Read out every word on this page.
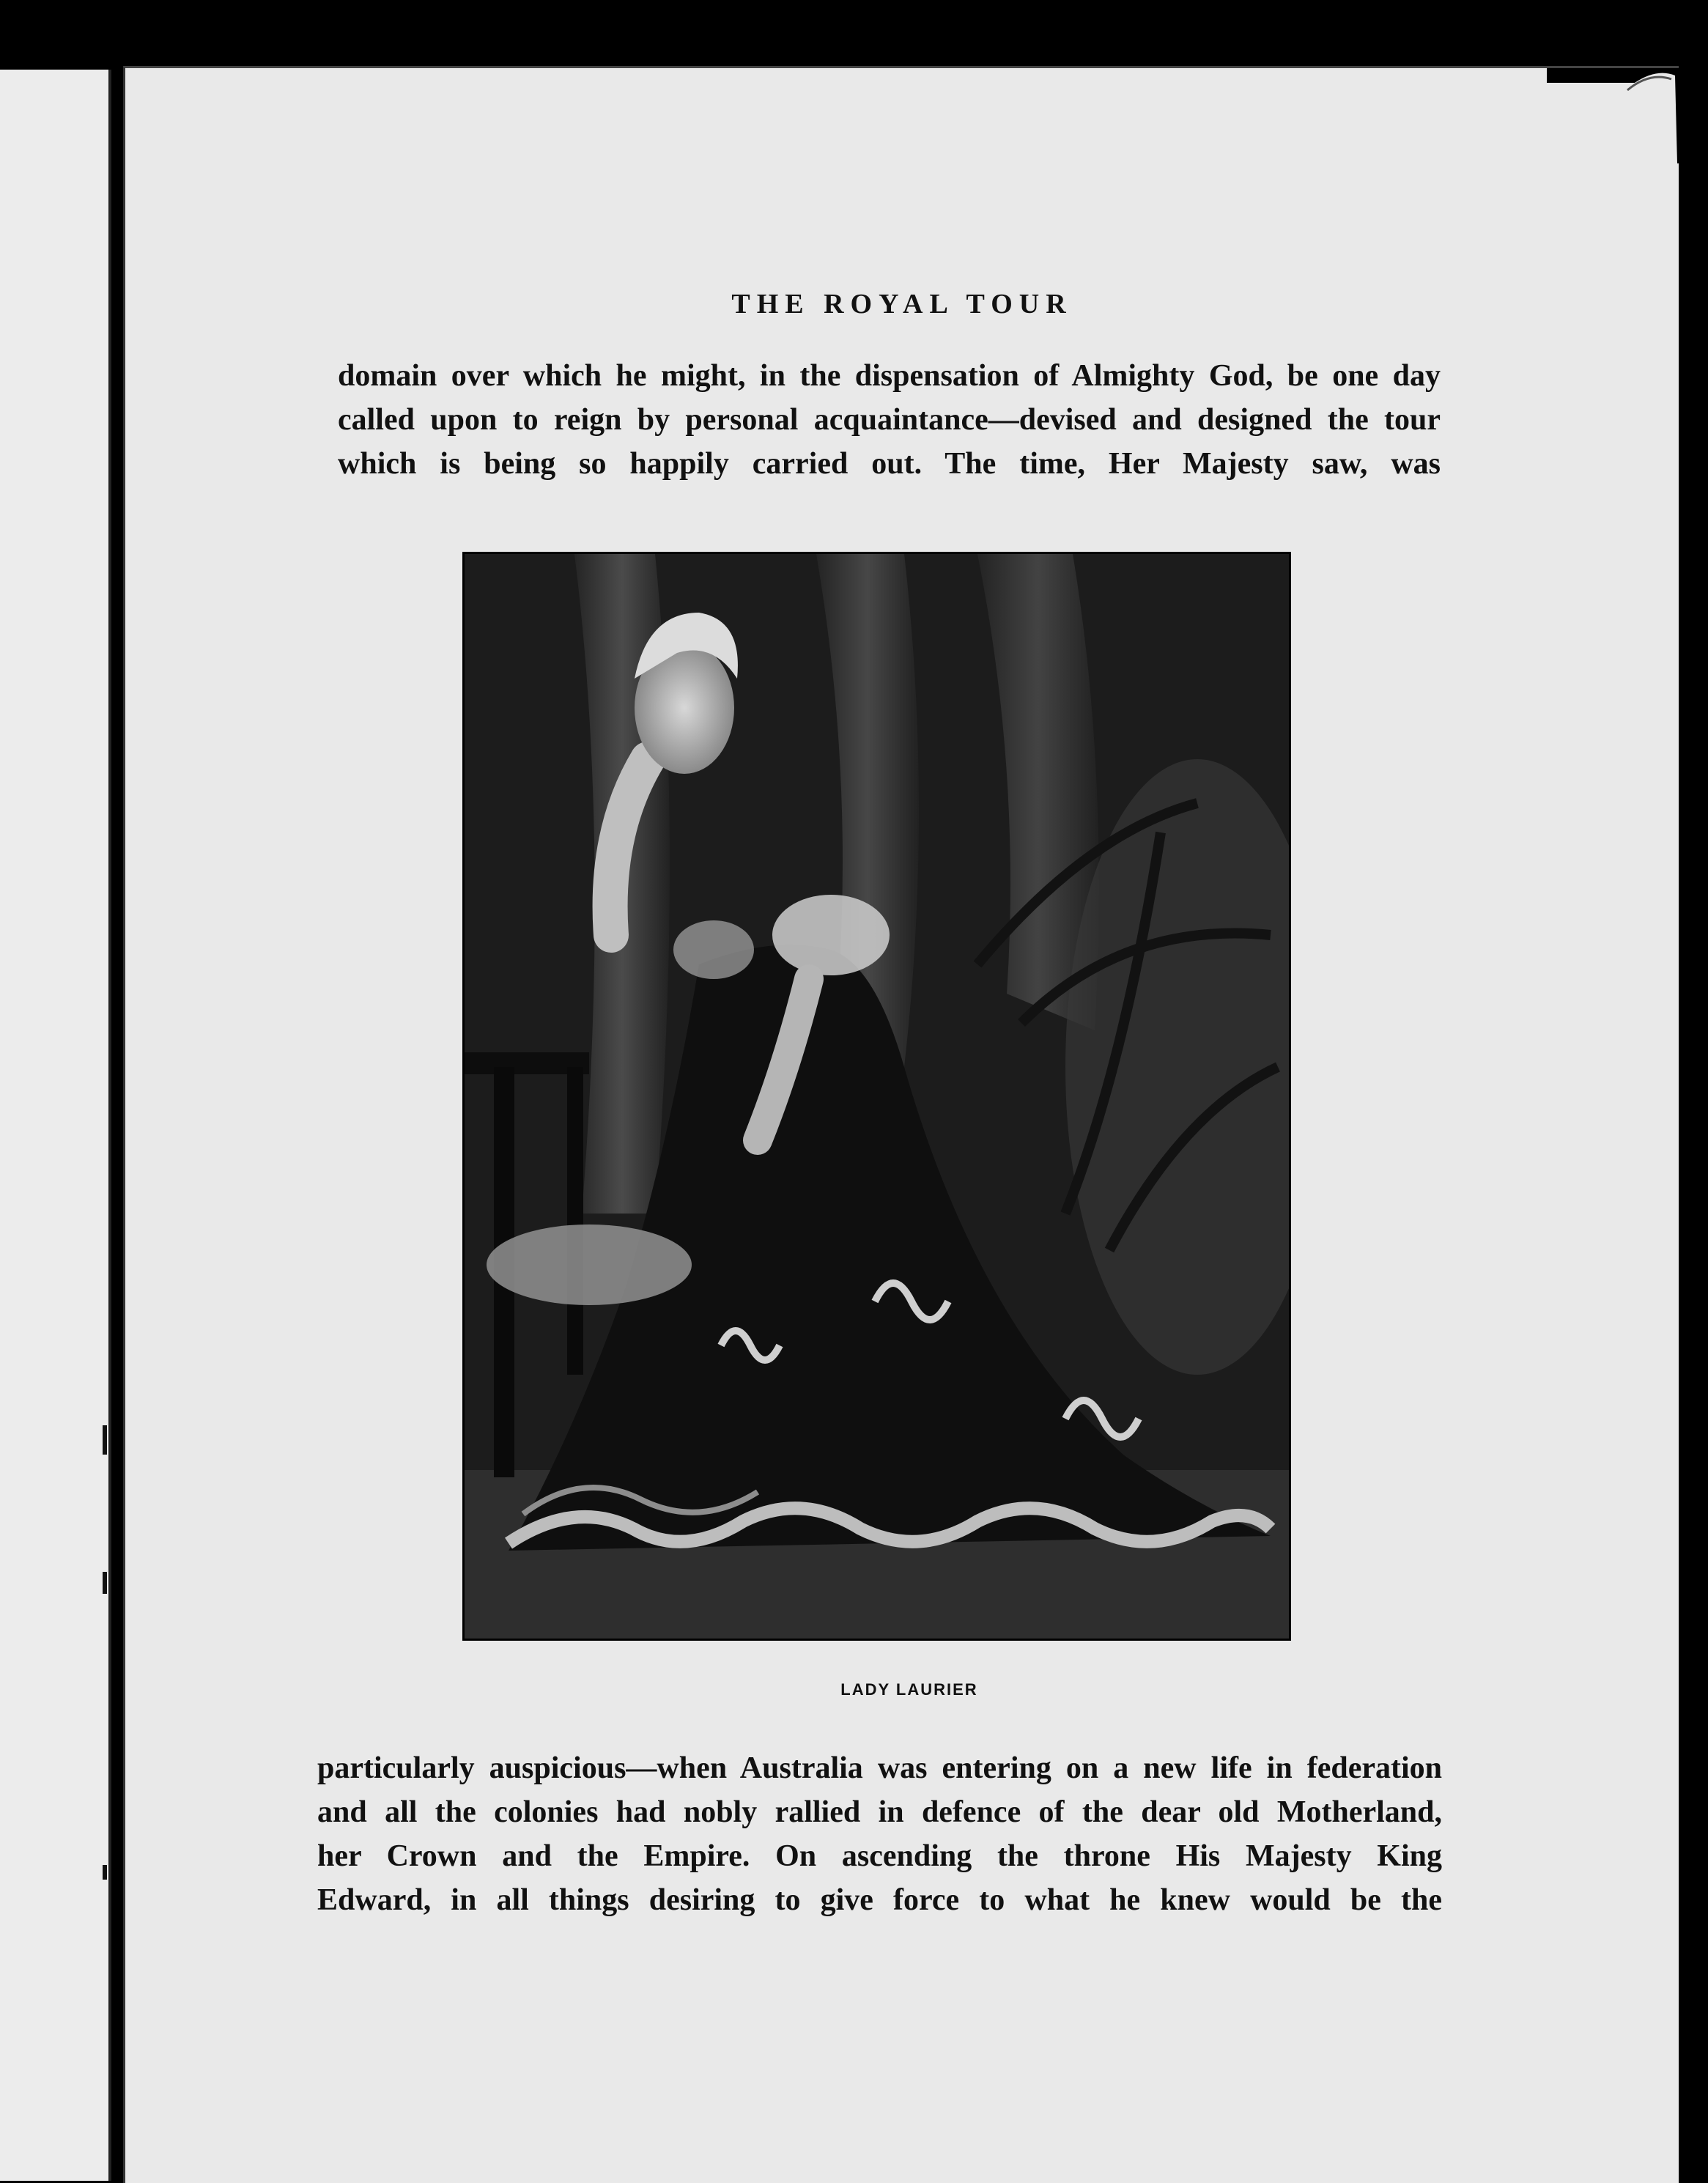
THE ROYAL TOUR
domain over which he might, in the dispensation of Almighty God, be one day
called upon to reign by personal acquaintance—devised and designed the tour
which is being so happily carried out. The time, Her Majesty saw, was
LADY LAURIER
particularly auspicious—when Australia was entering on a new life in federation
and all the colonies had nobly rallied in defence of the dear old Motherland,
her Crown and the Empire. On ascending the throne His Majesty King
Edward, in all things desiring to give force to what he knew would be the
